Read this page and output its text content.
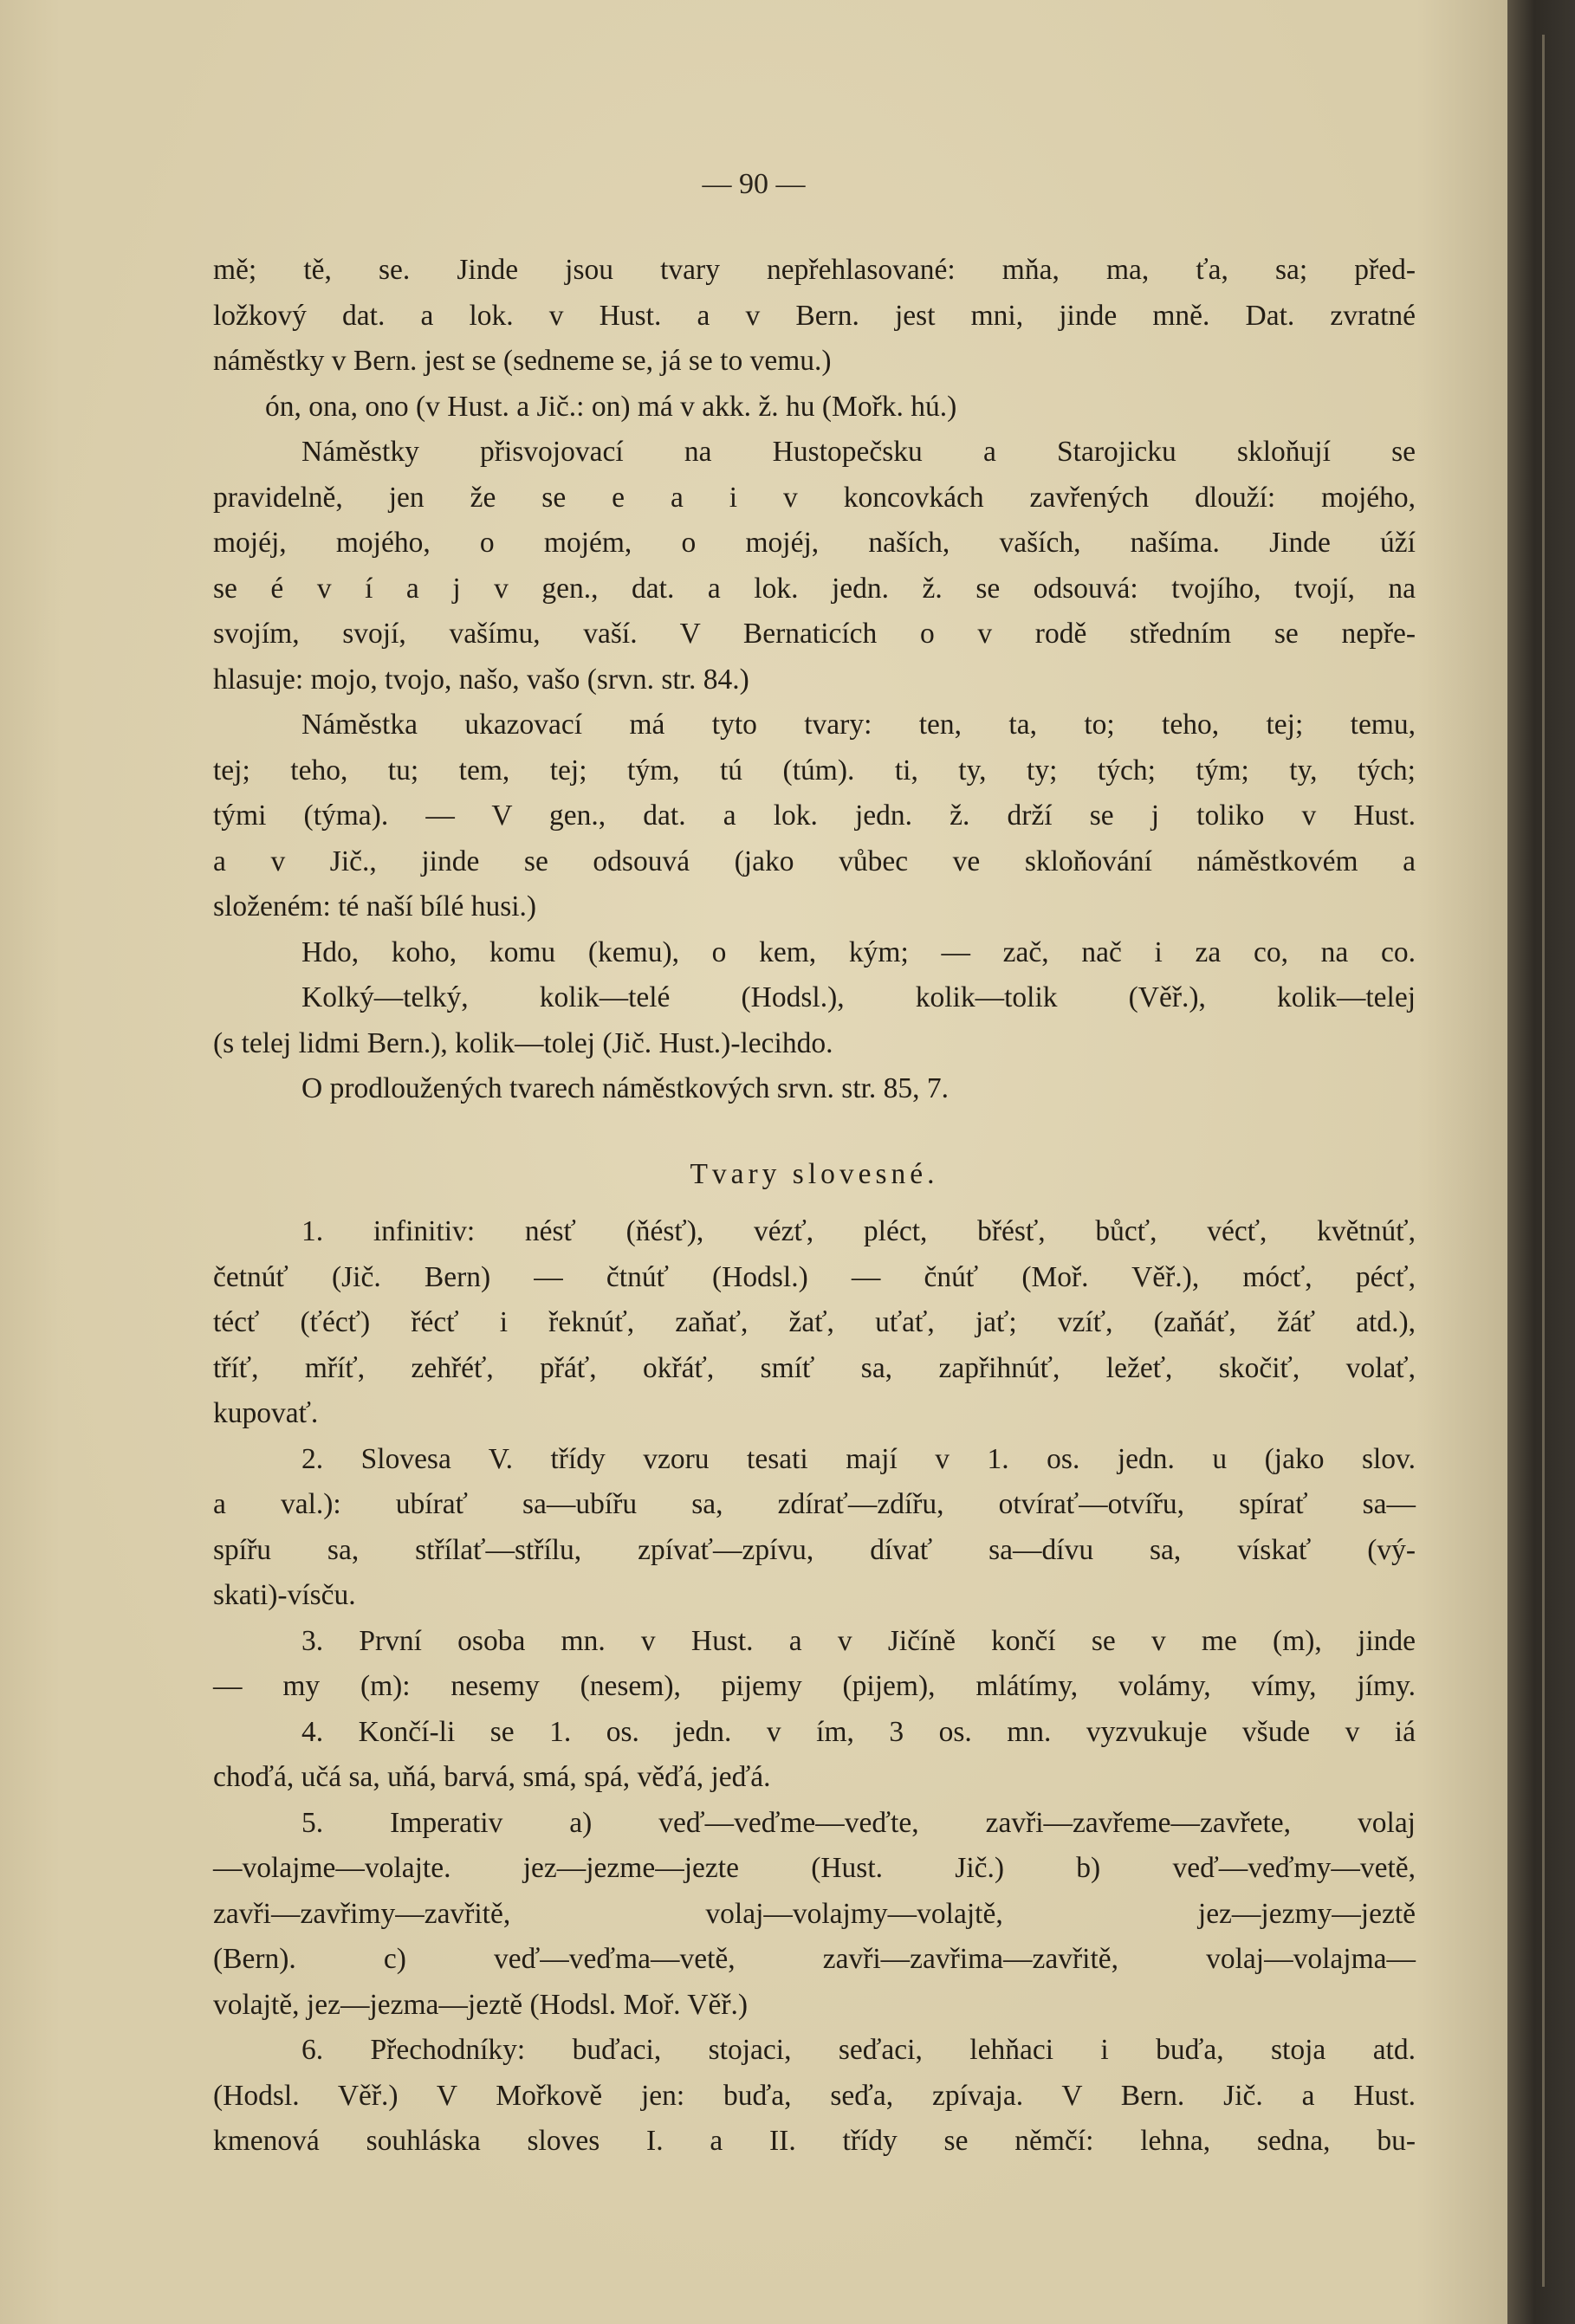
— 90 —
mě; tě, se. Jinde jsou tvary nepřehlasované: mňa, ma, ťa, sa; před-
ložkový dat. a lok. v Hust. a v Bern. jest mni, jinde mně. Dat. zvratné
náměstky v Bern. jest se (sedneme se, já se to vemu.)
ón, ona, ono (v Hust. a Jič.: on) má v akk. ž. hu (Mořk. hú.)
Náměstky přisvojovací na Hustopečsku a Starojicku skloňují se
pravidelně, jen že se e a i v koncovkách zavřených dlouží: mojého,
mojéj, mojého, o mojém, o mojéj, naších, vaších, našíma. Jinde úží
se é v í a j v gen., dat. a lok. jedn. ž. se odsouvá: tvojího, tvojí, na
svojím, svojí, vašímu, vaší. V Bernaticích o v rodě středním se nepře-
hlasuje: mojo, tvojo, našo, vašo (srvn. str. 84.)
Náměstka ukazovací má tyto tvary: ten, ta, to; teho, tej; temu,
tej; teho, tu; tem, tej; tým, tú (túm). ti, ty, ty; tých; tým; ty, tých;
tými (týma). — V gen., dat. a lok. jedn. ž. drží se j toliko v Hust.
a v Jič., jinde se odsouvá (jako vůbec ve skloňování náměstkovém a
složeném: té naší bílé husi.)
Hdo, koho, komu (kemu), o kem, kým; — zač, nač i za co, na co.
Kolký—telký, kolik—telé (Hodsl.), kolik—tolik (Věř.), kolik—telej
(s telej lidmi Bern.), kolik—tolej (Jič. Hust.)-lecihdo.
O prodloužených tvarech náměstkových srvn. str. 85, 7.
Tvary slovesné.
1. infinitiv: nésť (ňésť), vézť, pléct, břésť, bůcť, vécť, květnúť,
četnúť (Jič. Bern) — čtnúť (Hodsl.) — čnúť (Moř. Věř.), mócť, pécť,
técť (ťécť) řécť i řeknúť, zaňať, žať, uťať, jať; vzíť, (zaňáť, žáť atd.),
tříť, mříť, zehřéť, přáť, okřáť, smíť sa, zapřihnúť, ležeť, skočiť, volať,
kupovať.
2. Slovesa V. třídy vzoru tesati mají v 1. os. jedn. u (jako slov.
a val.): ubírať sa—ubířu sa, zdírať—zdířu, otvírať—otvířu, spírať sa—
spířu sa, střílať—střílu, zpívať—zpívu, dívať sa—dívu sa, vískať (vý-
skati)-vísču.
3. První osoba mn. v Hust. a v Jičíně končí se v me (m), jinde
— my (m): nesemy (nesem), pijemy (pijem), mlátímy, volámy, vímy, jímy.
4. Končí-li se 1. os. jedn. v ím, 3 os. mn. vyzvukuje všude v iá
choďá, učá sa, uňá, barvá, smá, spá, věďá, jeďá.
5. Imperativ a) veď—veďme—veďte, zavři—zavřeme—zavřete, volaj
—volajme—volajte. jez—jezme—jezte (Hust. Jič.) b) veď—veďmy—vetě,
zavři—zavřimy—zavřitě, volaj—volajmy—volajtě, jez—jezmy—jeztě
(Bern). c) veď—veďma—vetě, zavři—zavřima—zavřitě, volaj—volajma—
volajtě, jez—jezma—jeztě (Hodsl. Moř. Věř.)
6. Přechodníky: buďaci, stojaci, seďaci, lehňaci i buďa, stoja atd.
(Hodsl. Věř.) V Mořkově jen: buďa, seďa, zpívaja. V Bern. Jič. a Hust.
kmenová souhláska sloves I. a II. třídy se němčí: lehna, sedna, bu-
